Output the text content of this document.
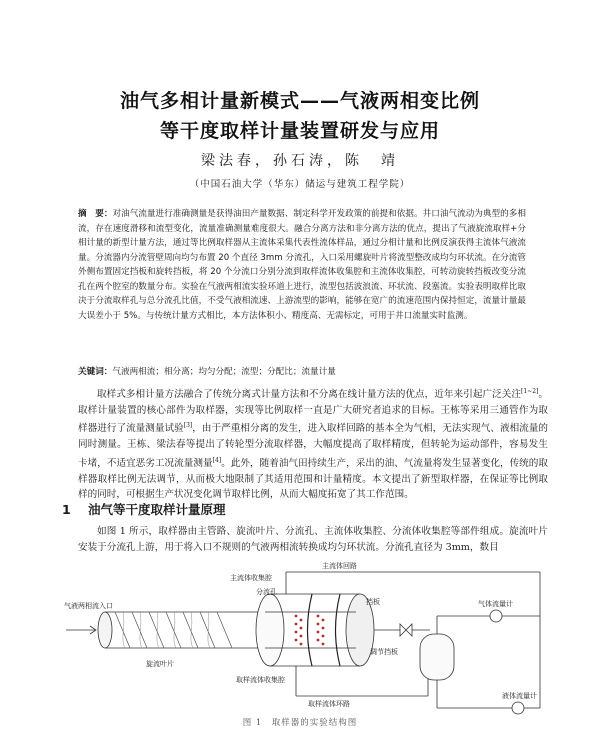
油气多相计量新模式——气液两相变比例
等干度取样计量装置研发与应用
梁法春，孙石涛，陈　靖
（中国石油大学（华东）储运与建筑工程学院）
摘　要：对油气流量进行准确测量是获得油田产量数据、制定科学开发政策的前提和依据。井口油气流动为典型的多相流，存在速度滑移和流型变化，流量准确测量难度很大。融合分离方法和非分离方法的优点，提出了气液旋流取样+分相计量的新型计量方法，通过等比例取样器从主流体采集代表性流体样品，通过分相计量和比例反演获得主流体气液流量。分流器内分流管壁周向均匀布置 20 个直径 3mm 分流孔，入口采用螺旋叶片将流型整改成均匀环状流。在分流管外侧布置固定挡板和旋转挡板，将 20 个分流口分别分流到取样流体收集腔和主流体收集腔，可转动旋转挡板改变分流孔在两个腔室的数量分布。实验在气液两相流实验环道上进行，流型包括波浪流、环状流、段塞流。实验表明取样比取决于分流取样孔与总分流孔比值，不受气液相流速、上游流型的影响，能够在宽广的流速范围内保持恒定，流量计量最大误差小于 5%。与传统计量方式相比，本方法体积小、精度高、无需标定，可用于井口流量实时监测。
关键词：气液两相流；相分离；均匀分配；流型；分配比；流量计量
取样式多相计量方法融合了传统分离式计量方法和不分离在线计量方法的优点，近年来引起广泛关注[1~2]。取样计量装置的核心部件为取样器，实现等比例取样一直是广大研究者追求的目标。王栋等采用三通管作为取样器进行了流量测量试验[3]，由于严重相分离的发生，进入取样回路的基本全为气相，无法实现气、液相流量的同时测量。王栋、梁法春等提出了转轮型分流取样器，大幅度提高了取样精度，但转轮为运动部件，容易发生卡堵，不适宜恶劣工况流量测量[4]。此外，随着油气田持续生产，采出的油、气流量将发生显著变化，传统的取样器取样比例无法调节，从而极大地限制了其适用范围和计量精度。本文提出了新型取样器，在保证等比例取样的同时，可根据生产状况变化调节取样比例，从而大幅度拓宽了其工作范围。
1 油气等干度取样计量原理
如图 1 所示，取样器由主管路、旋流叶片、分流孔、主流体收集腔、分流体收集腔等部件组成。旋流叶片安装于分流孔上游，用于将入口不规则的气液两相流转换成均匀环状流。分流孔直径为 3mm，数目
气液两相流入口
主流体收集腔
分流孔
主流体回路
挡板
调节挡板
气体流量计
旋流叶片
取样流体收集腔
取样流体环路
液体流量计
图 1　取样器的实验结构图
